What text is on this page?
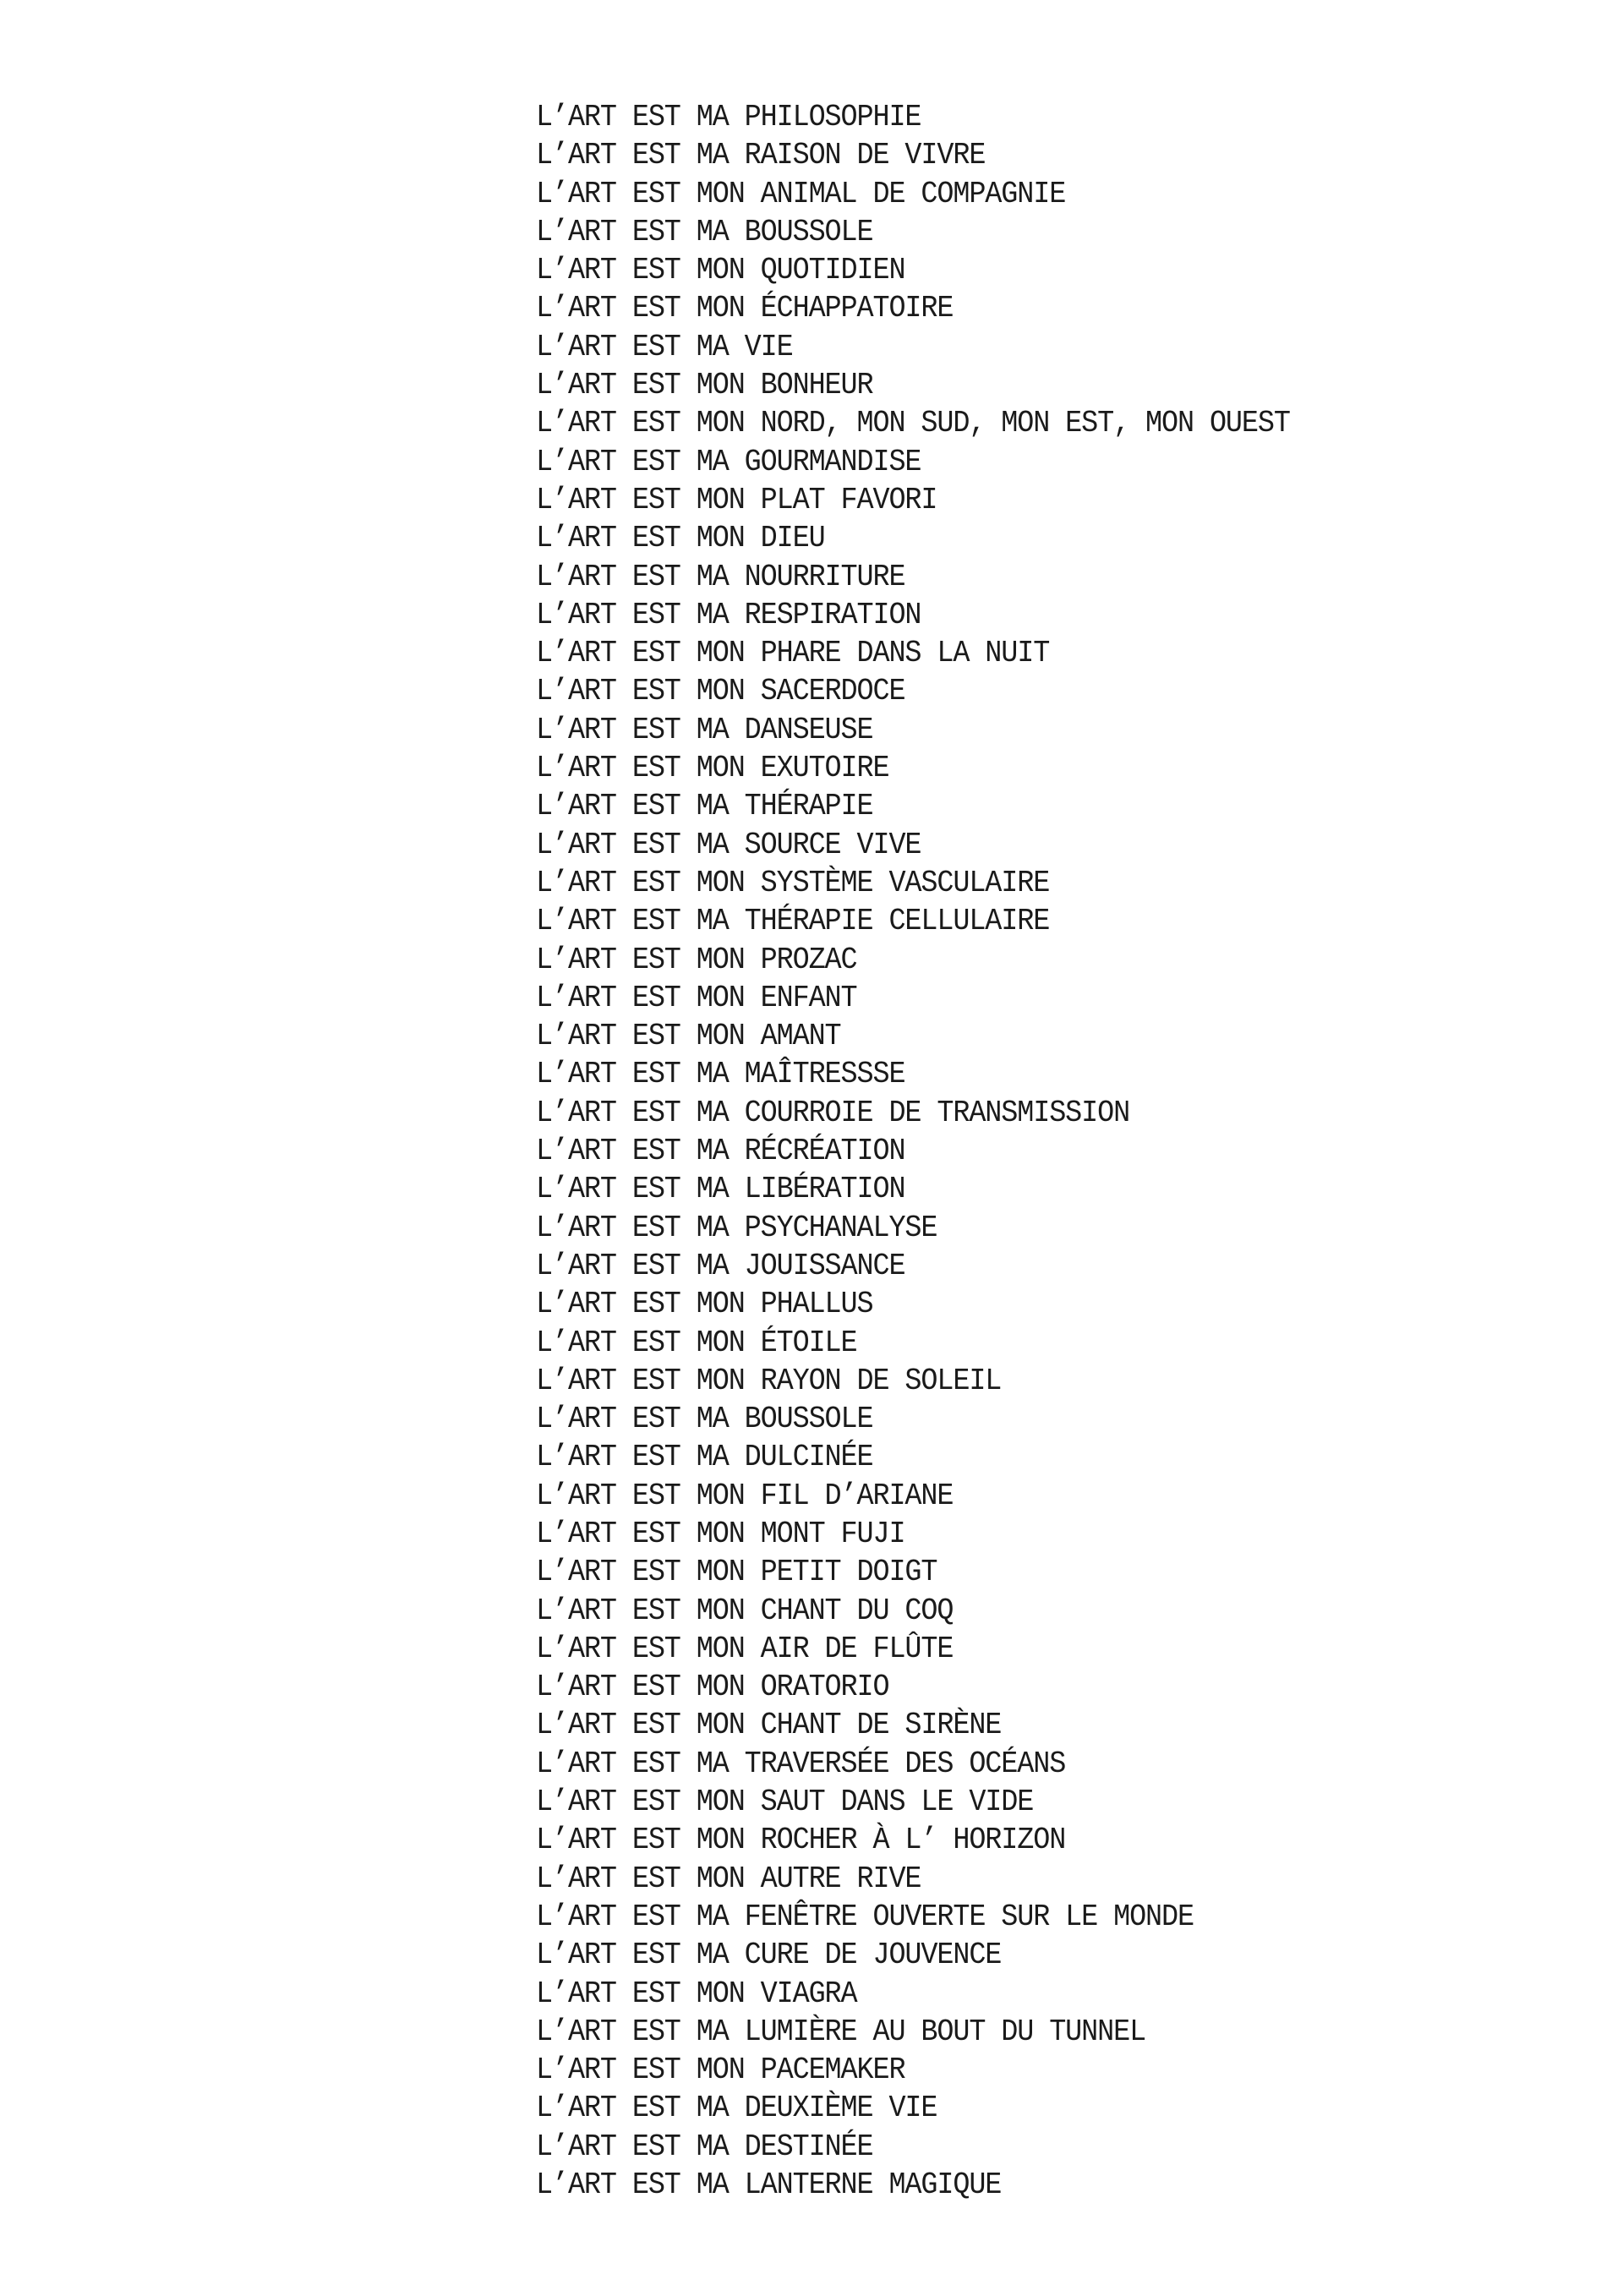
L’ART EST MA PHILOSOPHIE
L’ART EST MA RAISON DE VIVRE
L’ART EST MON ANIMAL DE COMPAGNIE
L’ART EST MA BOUSSOLE
L’ART EST MON QUOTIDIEN
L’ART EST MON ÉCHAPPATOIRE
L’ART EST MA VIE
L’ART EST MON BONHEUR
L’ART EST MON NORD, MON SUD, MON EST, MON OUEST
L’ART EST MA GOURMANDISE
L’ART EST MON PLAT FAVORI
L’ART EST MON DIEU
L’ART EST MA NOURRITURE
L’ART EST MA RESPIRATION
L’ART EST MON PHARE DANS LA NUIT
L’ART EST MON SACERDOCE
L’ART EST MA DANSEUSE
L’ART EST MON EXUTOIRE
L’ART EST MA THÉRAPIE
L’ART EST MA SOURCE VIVE
L’ART EST MON SYSTÈME VASCULAIRE
L’ART EST MA THÉRAPIE CELLULAIRE
L’ART EST MON PROZAC
L’ART EST MON ENFANT
L’ART EST MON AMANT
L’ART EST MA MAÎTRESSSE
L’ART EST MA COURROIE DE TRANSMISSION
L’ART EST MA RÉCRÉATION
L’ART EST MA LIBÉRATION
L’ART EST MA PSYCHANALYSE
L’ART EST MA JOUISSANCE
L’ART EST MON PHALLUS
L’ART EST MON ÉTOILE
L’ART EST MON RAYON DE SOLEIL
L’ART EST MA BOUSSOLE
L’ART EST MA DULCINÉE
L’ART EST MON FIL D’ARIANE
L’ART EST MON MONT FUJI
L’ART EST MON PETIT DOIGT
L’ART EST MON CHANT DU COQ
L’ART EST MON AIR DE FLÛTE
L’ART EST MON ORATORIO
L’ART EST MON CHANT DE SIRÈNE
L’ART EST MA TRAVERSÉE DES OCÉANS
L’ART EST MON SAUT DANS LE VIDE
L’ART EST MON ROCHER À L’ HORIZON
L’ART EST MON AUTRE RIVE
L’ART EST MA FENÊTRE OUVERTE SUR LE MONDE
L’ART EST MA CURE DE JOUVENCE
L’ART EST MON VIAGRA
L’ART EST MA LUMIÈRE AU BOUT DU TUNNEL
L’ART EST MON PACEMAKER
L’ART EST MA DEUXIÈME VIE
L’ART EST MA DESTINÉE
L’ART EST MA LANTERNE MAGIQUE
